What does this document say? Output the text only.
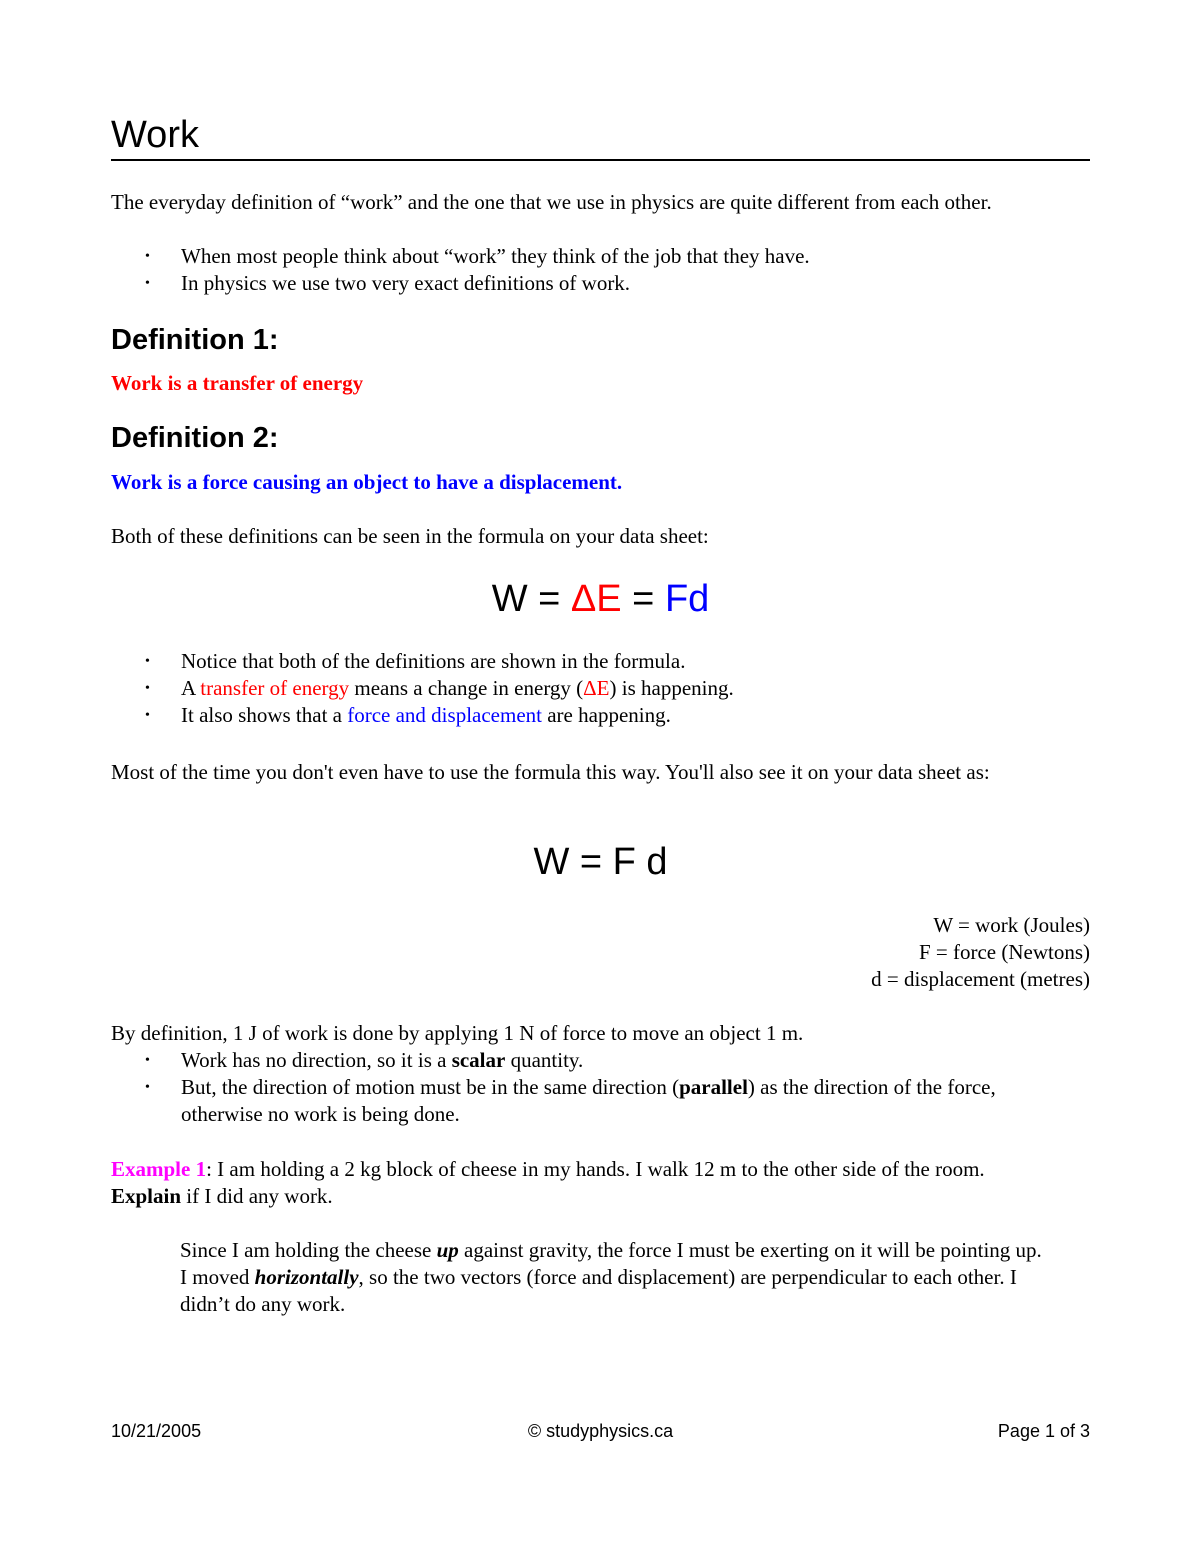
Work
The everyday definition of “work” and the one that we use in physics are quite different from each other.
• When most people think about “work” they think of the job that they have.
• In physics we use two very exact definitions of work.
Definition 1:
Work is a transfer of energy
Definition 2:
Work is a force causing an object to have a displacement.
Both of these definitions can be seen in the formula on your data sheet:
W = ΔE = Fd
• Notice that both of the definitions are shown in the formula.
• A transfer of energy means a change in energy (ΔE) is happening.
• It also shows that a force and displacement are happening.
Most of the time you don't even have to use the formula this way. You'll also see it on your data sheet as:
W = F d
W = work (Joules)
F = force (Newtons)
d = displacement (metres)
By definition, 1 J of work is done by applying 1 N of force to move an object 1 m.
• Work has no direction, so it is a scalar quantity.
• But, the direction of motion must be in the same direction (parallel) as the direction of the force, otherwise no work is being done.
Example 1: I am holding a 2 kg block of cheese in my hands. I walk 12 m to the other side of the room. Explain if I did any work.
Since I am holding the cheese up against gravity, the force I must be exerting on it will be pointing up. I moved horizontally, so the two vectors (force and displacement) are perpendicular to each other. I didn’t do any work.
10/21/2005	© studyphysics.ca	Page 1 of 3
